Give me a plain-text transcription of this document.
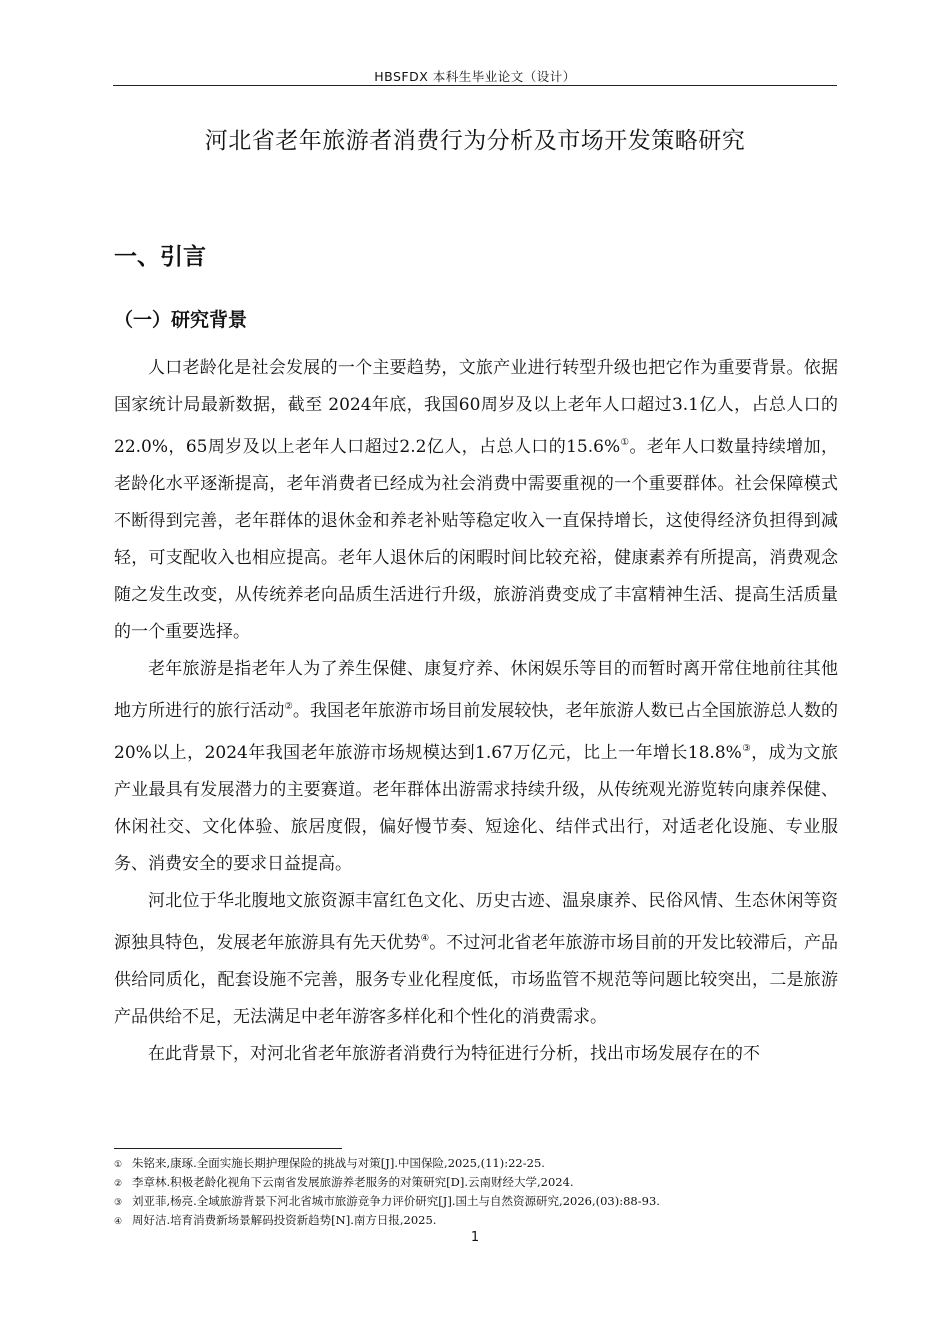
HBSFDX 本科生毕业论文（设计）
河北省老年旅游者消费行为分析及市场开发策略研究
一、引言
（一）研究背景

人口老龄化是社会发展的一个主要趋势，文旅产业进行转型升级也把它作为重要背景。依据国家统计局最新数据，截至 2024年底，我国60周岁及以上老年人口超过3.1亿人，占总人口的22.0%，65周岁及以上老年人口超过2.2亿人，占总人口的15.6%①。老年人口数量持续增加，老龄化水平逐渐提高，老年消费者已经成为社会消费中需要重视的一个重要群体。社会保障模式不断得到完善，老年群体的退休金和养老补贴等稳定收入一直保持增长，这使得经济负担得到减轻，可支配收入也相应提高。老年人退休后的闲暇时间比较充裕，健康素养有所提高，消费观念随之发生改变，从传统养老向品质生活进行升级，旅游消费变成了丰富精神生活、提高生活质量的一个重要选择。

老年旅游是指老年人为了养生保健、康复疗养、休闲娱乐等目的而暂时离开常住地前往其他地方所进行的旅行活动②。我国老年旅游市场目前发展较快，老年旅游人数已占全国旅游总人数的20%以上，2024年我国老年旅游市场规模达到1.67万亿元，比上一年增长18.8%③，成为文旅产业最具有发展潜力的主要赛道。老年群体出游需求持续升级，从传统观光游览转向康养保健、休闲社交、文化体验、旅居度假，偏好慢节奏、短途化、结伴式出行，对适老化设施、专业服务、消费安全的要求日益提高。

河北位于华北腹地文旅资源丰富红色文化、历史古迹、温泉康养、民俗风情、生态休闲等资源独具特色，发展老年旅游具有先天优势④。不过河北省老年旅游市场目前的开发比较滞后，产品供给同质化，配套设施不完善，服务专业化程度低，市场监管不规范等问题比较突出，二是旅游产品供给不足，无法满足中老年游客多样化和个性化的消费需求。

在此背景下，对河北省老年旅游者消费行为特征进行分析，找出市场发展存在的不

① 朱铭来,康琢.全面实施长期护理保险的挑战与对策[J].中国保险,2025,(11):22-25.
② 李章林.积极老龄化视角下云南省发展旅游养老服务的对策研究[D].云南财经大学,2024.
③ 刘亚菲,杨亮.全域旅游背景下河北省城市旅游竞争力评价研究[J].国土与自然资源研究,2026,(03):88-93.
④ 周好洁.培育消费新场景解码投资新趋势[N].南方日报,2025.
1
